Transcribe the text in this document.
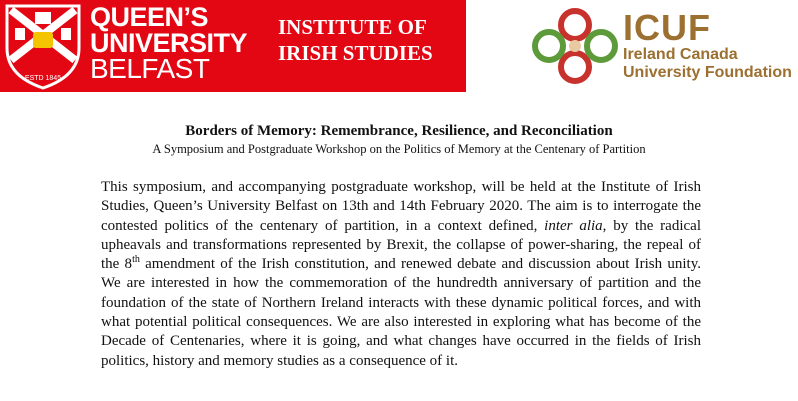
ESTD 1845
QUEEN’S
UNIVERSITY
BELFAST
INSTITUTE OF
IRISH STUDIES
ICUF
Ireland Canada
University Foundation
Borders of Memory: Remembrance, Resilience, and Reconciliation
A Symposium and Postgraduate Workshop on the Politics of Memory at the Centenary of Partition
This symposium, and accompanying postgraduate workshop, will be held at the Institute of Irish Studies, Queen’s University Belfast on 13th and 14th February 2020. The aim is to interrogate the contested politics of the centenary of partition, in a context defined, inter alia, by the radical upheavals and transformations represented by Brexit, the collapse of power-sharing, the repeal of the 8th amendment of the Irish constitution, and renewed debate and discussion about Irish unity. We are interested in how the commemoration of the hundredth anniversary of partition and the foundation of the state of Northern Ireland interacts with these dynamic political forces, and with what potential political consequences. We are also interested in exploring what has become of the Decade of Centenaries, where it is going, and what changes have occurred in the fields of Irish politics, history and memory studies as a consequence of it.
